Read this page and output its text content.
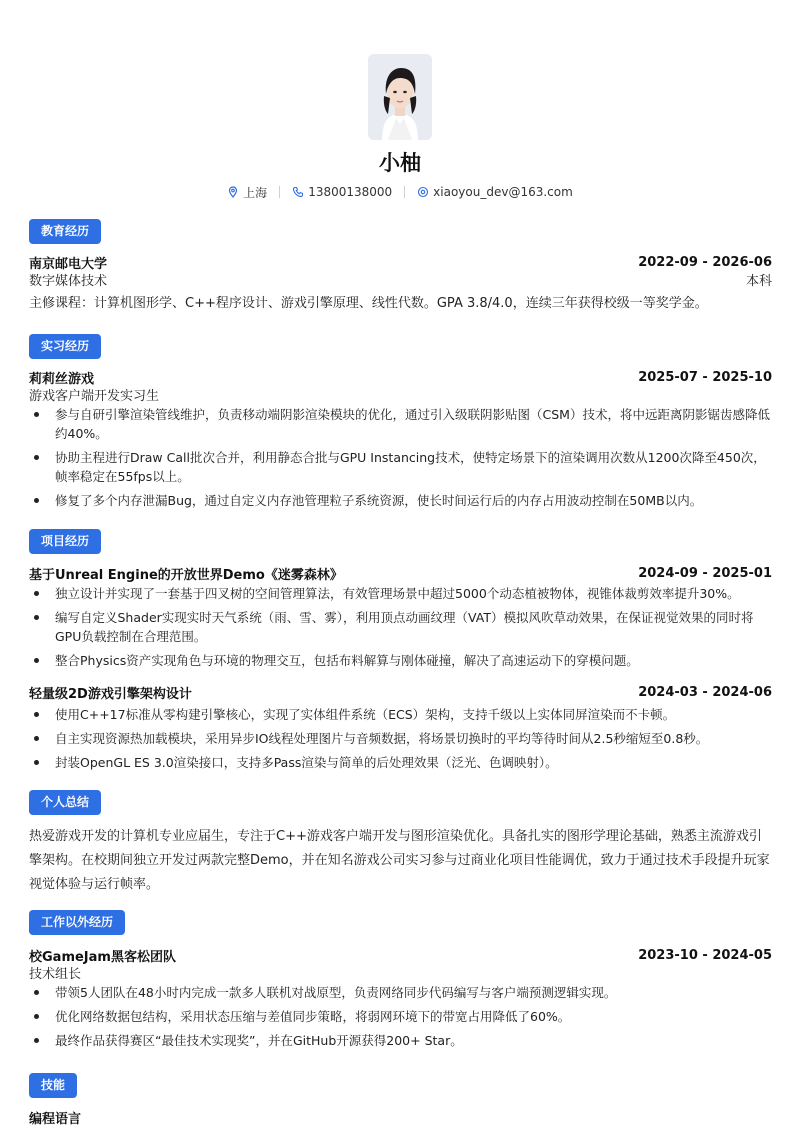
小柚
上海	13800138000	xiaoyou_dev@163.com
教育经历
南京邮电大学	2022-09 - 2026-06
数字媒体技术	本科
主修课程：计算机图形学、C++程序设计、游戏引擎原理、线性代数。GPA 3.8/4.0，连续三年获得校级一等奖学金。
实习经历
莉莉丝游戏	2025-07 - 2025-10
游戏客户端开发实习生
参与自研引擎渲染管线维护，负责移动端阴影渲染模块的优化，通过引入级联阴影贴图（CSM）技术，将中远距离阴影锯齿感降低约40%。
协助主程进行Draw Call批次合并，利用静态合批与GPU Instancing技术，使特定场景下的渲染调用次数从1200次降至450次，帧率稳定在55fps以上。
修复了多个内存泄漏Bug，通过自定义内存池管理粒子系统资源，使长时间运行后的内存占用波动控制在50MB以内。
项目经历
基于Unreal Engine的开放世界Demo《迷雾森林》	2024-09 - 2025-01
独立设计并实现了一套基于四叉树的空间管理算法，有效管理场景中超过5000个动态植被物体，视锥体裁剪效率提升30%。
编写自定义Shader实现实时天气系统（雨、雪、雾），利用顶点动画纹理（VAT）模拟风吹草动效果，在保证视觉效果的同时将GPU负载控制在合理范围。
整合Physics资产实现角色与环境的物理交互，包括布料解算与刚体碰撞，解决了高速运动下的穿模问题。
轻量级2D游戏引擎架构设计	2024-03 - 2024-06
使用C++17标准从零构建引擎核心，实现了实体组件系统（ECS）架构，支持千级以上实体同屏渲染而不卡顿。
自主实现资源热加载模块，采用异步IO线程处理图片与音频数据，将场景切换时的平均等待时间从2.5秒缩短至0.8秒。
封装OpenGL ES 3.0渲染接口，支持多Pass渲染与简单的后处理效果（泛光、色调映射）。
个人总结
热爱游戏开发的计算机专业应届生，专注于C++游戏客户端开发与图形渲染优化。具备扎实的图形学理论基础，熟悉主流游戏引擎架构。在校期间独立开发过两款完整Demo，并在知名游戏公司实习参与过商业化项目性能调优，致力于通过技术手段提升玩家视觉体验与运行帧率。
工作以外经历
校GameJam黑客松团队	2023-10 - 2024-05
技术组长
带领5人团队在48小时内完成一款多人联机对战原型，负责网络同步代码编写与客户端预测逻辑实现。
优化网络数据包结构，采用状态压缩与差值同步策略，将弱网环境下的带宽占用降低了60%。
最终作品获得赛区“最佳技术实现奖”，并在GitHub开源获得200+ Star。
技能
编程语言
